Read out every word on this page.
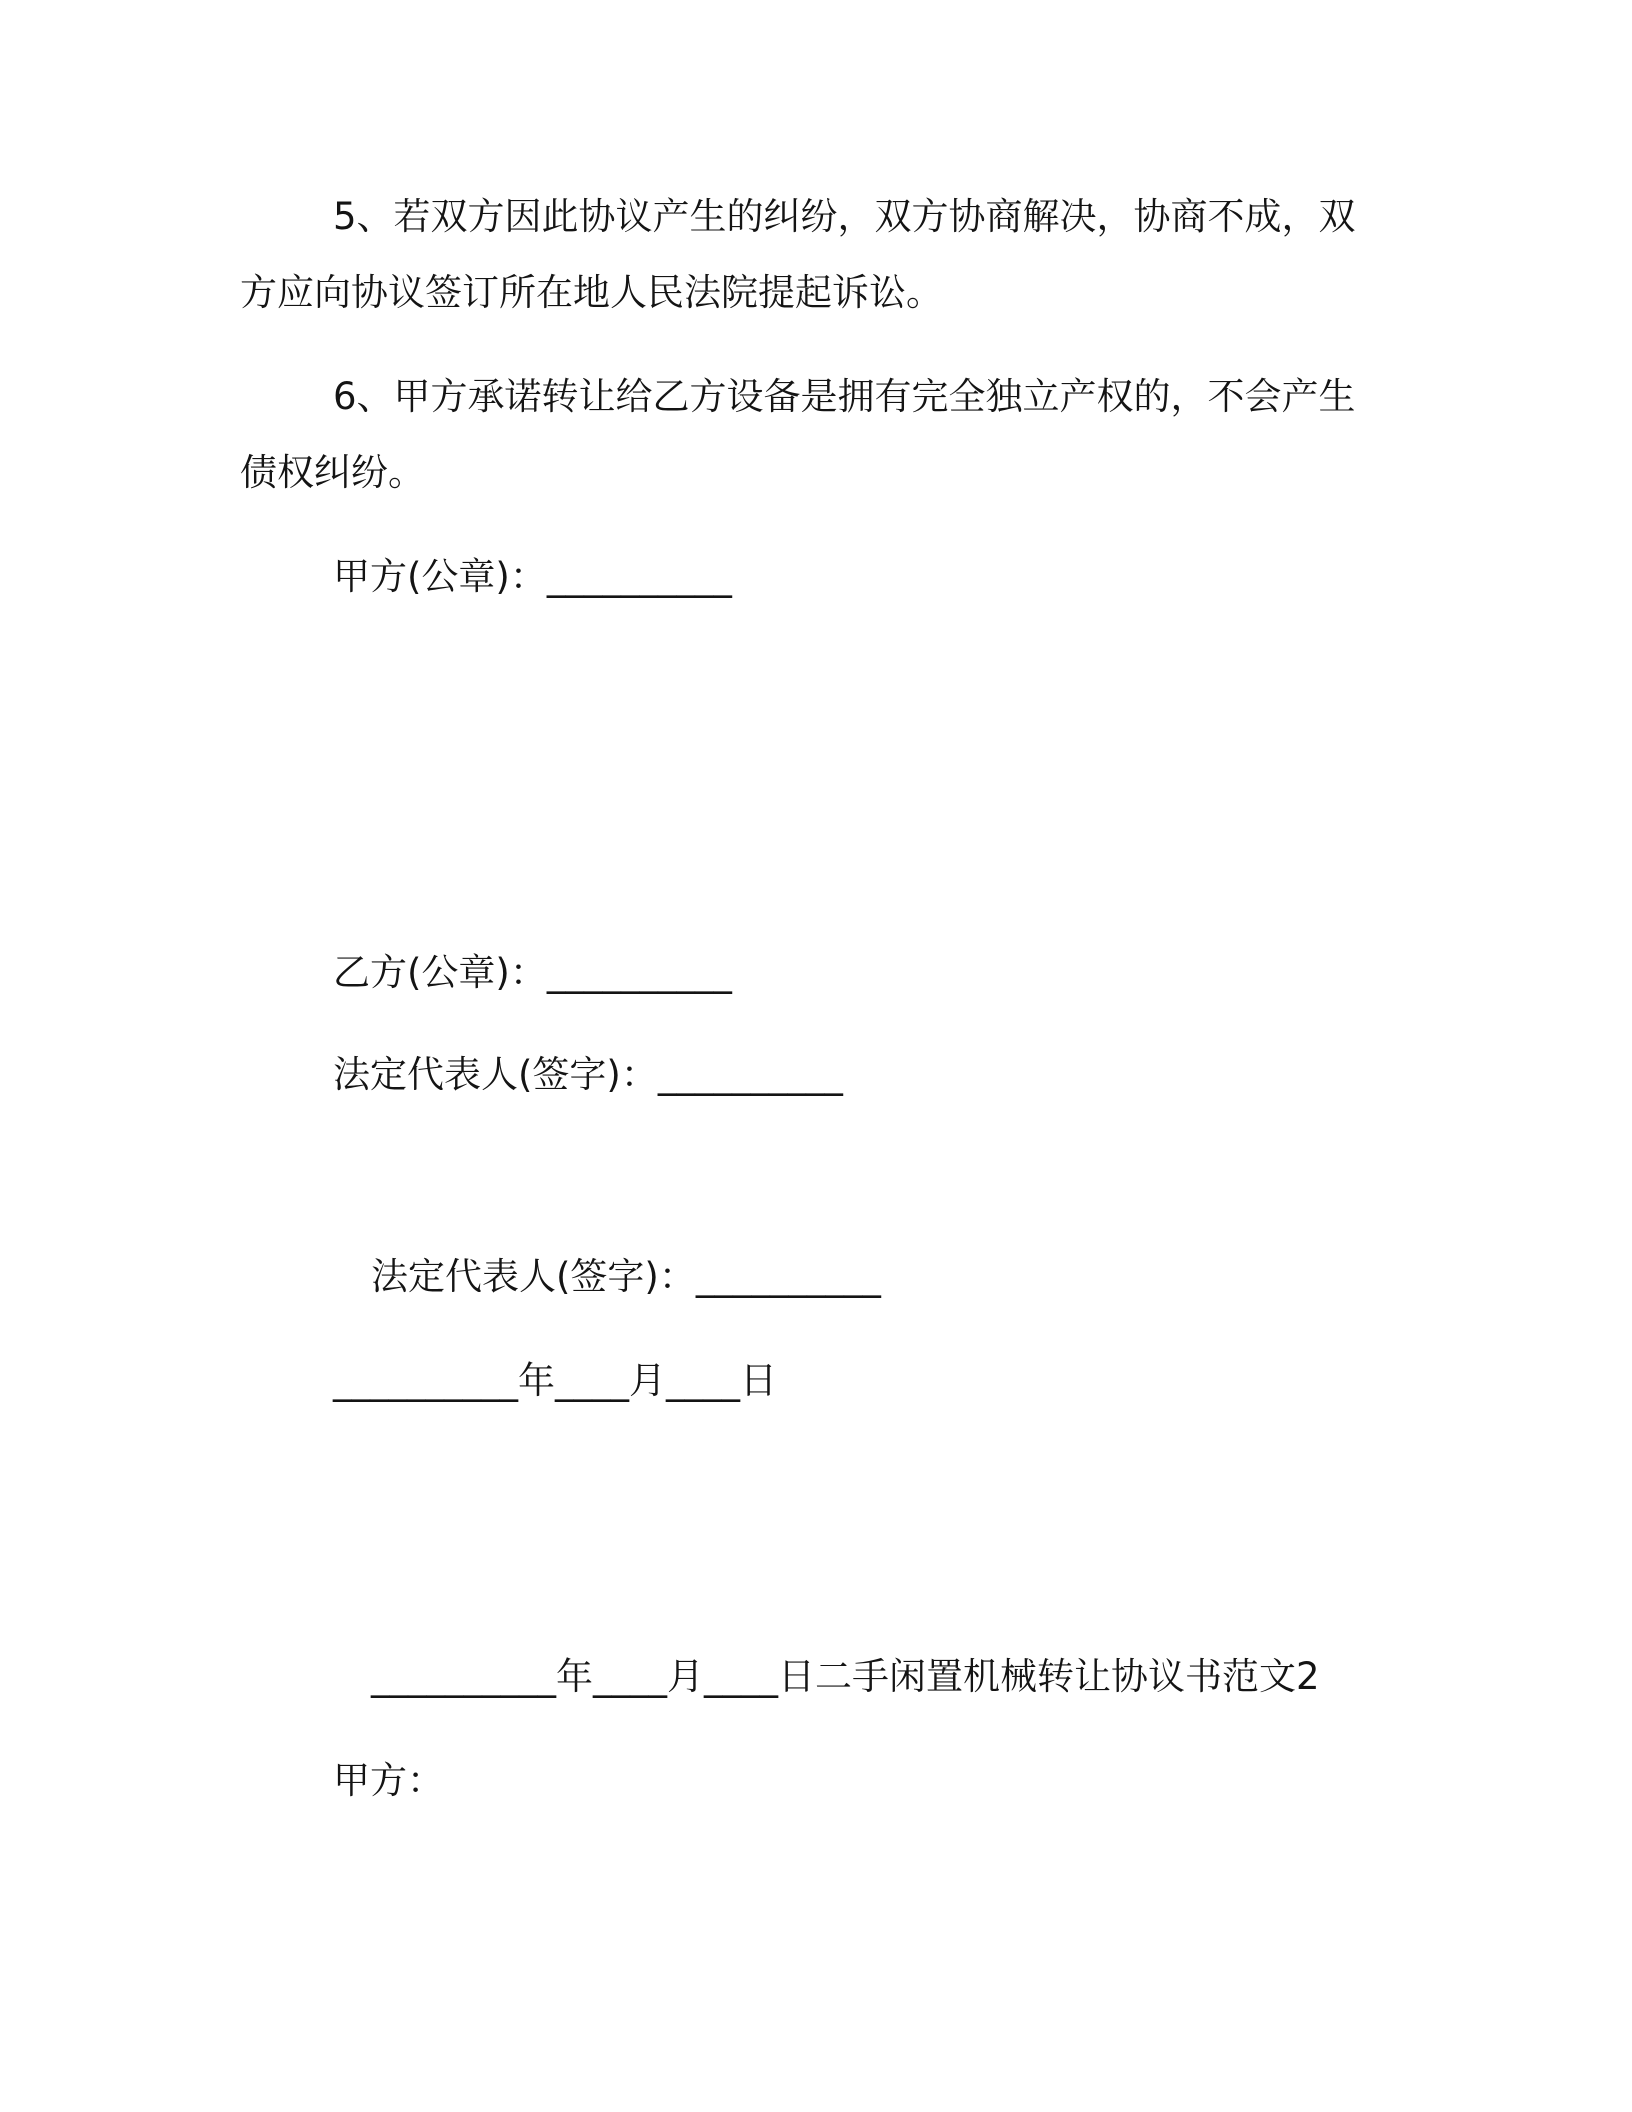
5、若双方因此协议产生的纠纷，双方协商解决，协商不成，双
方应向协议签订所在地人民法院提起诉讼。
6、甲方承诺转让给乙方设备是拥有完全独立产权的，不会产生
债权纠纷。
甲方(公章)：__________
乙方(公章)：__________
法定代表人(签字)：__________
法定代表人(签字)：__________
__________年____月____日
__________年____月____日二手闲置机械转让协议书范文2
甲方：
